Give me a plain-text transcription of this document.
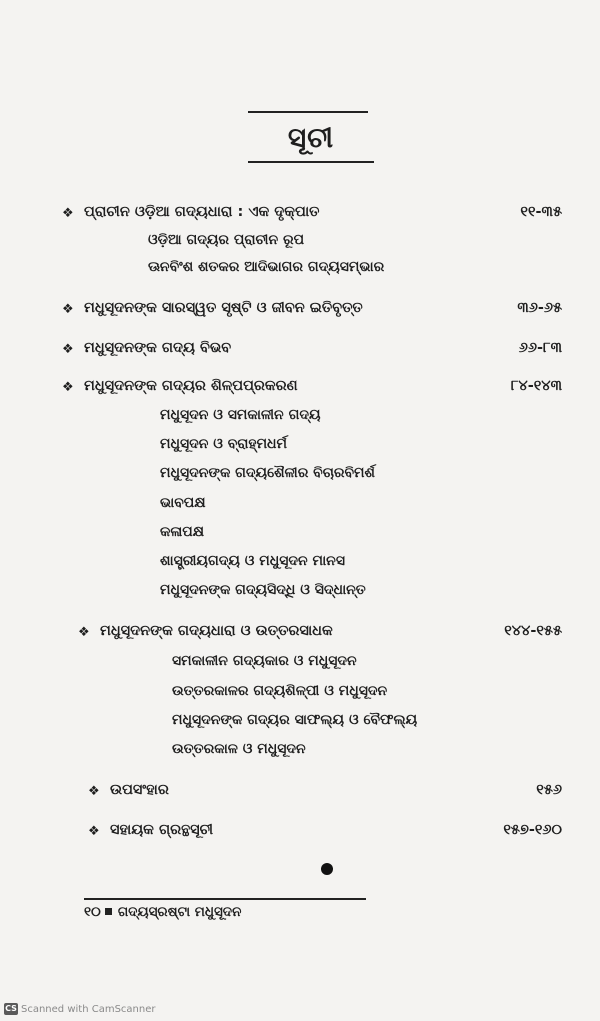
ସୂଚୀ
❖ ପ୍ରାଚୀନ ଓଡ଼ିଆ ଗଦ୍ୟଧାରା : ଏକ ଦୃକ୍‌ପାତ	୧୧-୩୫
ଓଡ଼ିଆ ଗଦ୍ୟର ପ୍ରାଚୀନ ରୂପ
ଊନବିଂଶ ଶତକର ଆଦିଭାଗର ଗଦ୍ୟସମ୍ଭାର
❖ ମଧୁସୂଦନଙ୍କ ସାରସ୍ୱତ ସୃଷ୍ଟି ଓ ଜୀବନ ଇତିବୃତ୍ତ	୩୬-୬୫
❖ ମଧୁସୂଦନଙ୍କ ଗଦ୍ୟ ବିଭବ	୬୬-୮୩
❖ ମଧୁସୂଦନଙ୍କ ଗଦ୍ୟର ଶିଳ୍ପପ୍ରକରଣ	୮୪-୧୪୩
ମଧୁସୂଦନ ଓ ସମକାଳୀନ ଗଦ୍ୟ
ମଧୁସୂଦନ ଓ ବ୍ରାହ୍ମଧର୍ମ
ମଧୁସୂଦନଙ୍କ ଗଦ୍ୟଶୈଳୀର ବିଚାରବିମର୍ଶ
ଭାବପକ୍ଷ
କଳାପକ୍ଷ
ଶାସ୍ତ୍ରୀୟଗଦ୍ୟ ଓ ମଧୁସୂଦନ ମାନସ
ମଧୁସୂଦନଙ୍କ ଗଦ୍ୟସିଦ୍ଧି ଓ ସିଦ୍ଧାନ୍ତ
❖ ମଧୁସୂଦନଙ୍କ ଗଦ୍ୟଧାରା ଓ ଉତ୍ତରସାଧକ	୧୪୪-୧୫୫
ସମକାଳୀନ ଗଦ୍ୟକାର ଓ ମଧୁସୂଦନ
ଉତ୍ତରକାଳର ଗଦ୍ୟଶିଳ୍ପୀ ଓ ମଧୁସୂଦନ
ମଧୁସୂଦନଙ୍କ ଗଦ୍ୟର ସାଫଲ୍ୟ ଓ ବୈଫଲ୍ୟ
ଉତ୍ତରକାଳ ଓ ମଧୁସୂଦନ
❖ ଉପସଂହାର	୧୫୬
❖ ସହାୟକ ଗ୍ରନ୍ଥସୂଚୀ	୧୫୭-୧୬୦
୧୦ ଗଦ୍ୟସ୍ରଷ୍ଟା ମଧୁସୂଦନ
CS Scanned with CamScanner
